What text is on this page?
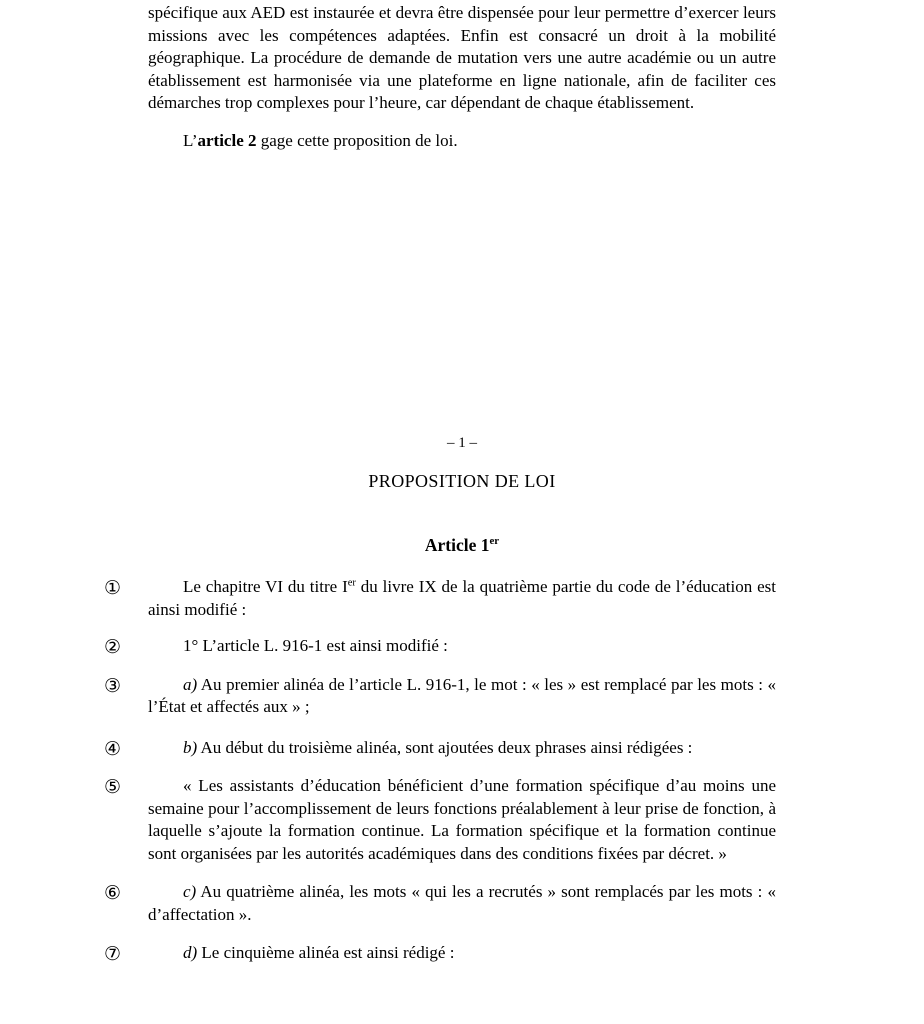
spécifique aux AED est instaurée et devra être dispensée pour leur permettre d’exercer leurs missions avec les compétences adaptées. Enfin est consacré un droit à la mobilité géographique. La procédure de demande de mutation vers une autre académie ou un autre établissement est harmonisée via une plateforme en ligne nationale, afin de faciliter ces démarches trop complexes pour l’heure, car dépendant de chaque établissement.

L’article 2 gage cette proposition de loi.

– 1 –
PROPOSITION DE LOI
Article 1er

①	Le chapitre VI du titre Ier du livre IX de la quatrième partie du code de l’éducation est ainsi modifié :

②	1° L’article L. 916-1 est ainsi modifié :

③	a) Au premier alinéa de l’article L. 916-1, le mot : « les » est remplacé par les mots : « l’État et affectés aux » ;

④	b) Au début du troisième alinéa, sont ajoutées deux phrases ainsi rédigées :

⑤	« Les assistants d’éducation bénéficient d’une formation spécifique d’au moins une semaine pour l’accomplissement de leurs fonctions préalablement à leur prise de fonction, à laquelle s’ajoute la formation continue. La formation spécifique et la formation continue sont organisées par les autorités académiques dans des conditions fixées par décret. »

⑥	c) Au quatrième alinéa, les mots « qui les a recrutés » sont remplacés par les mots : « d’affectation ».

⑦	d) Le cinquième alinéa est ainsi rédigé :
